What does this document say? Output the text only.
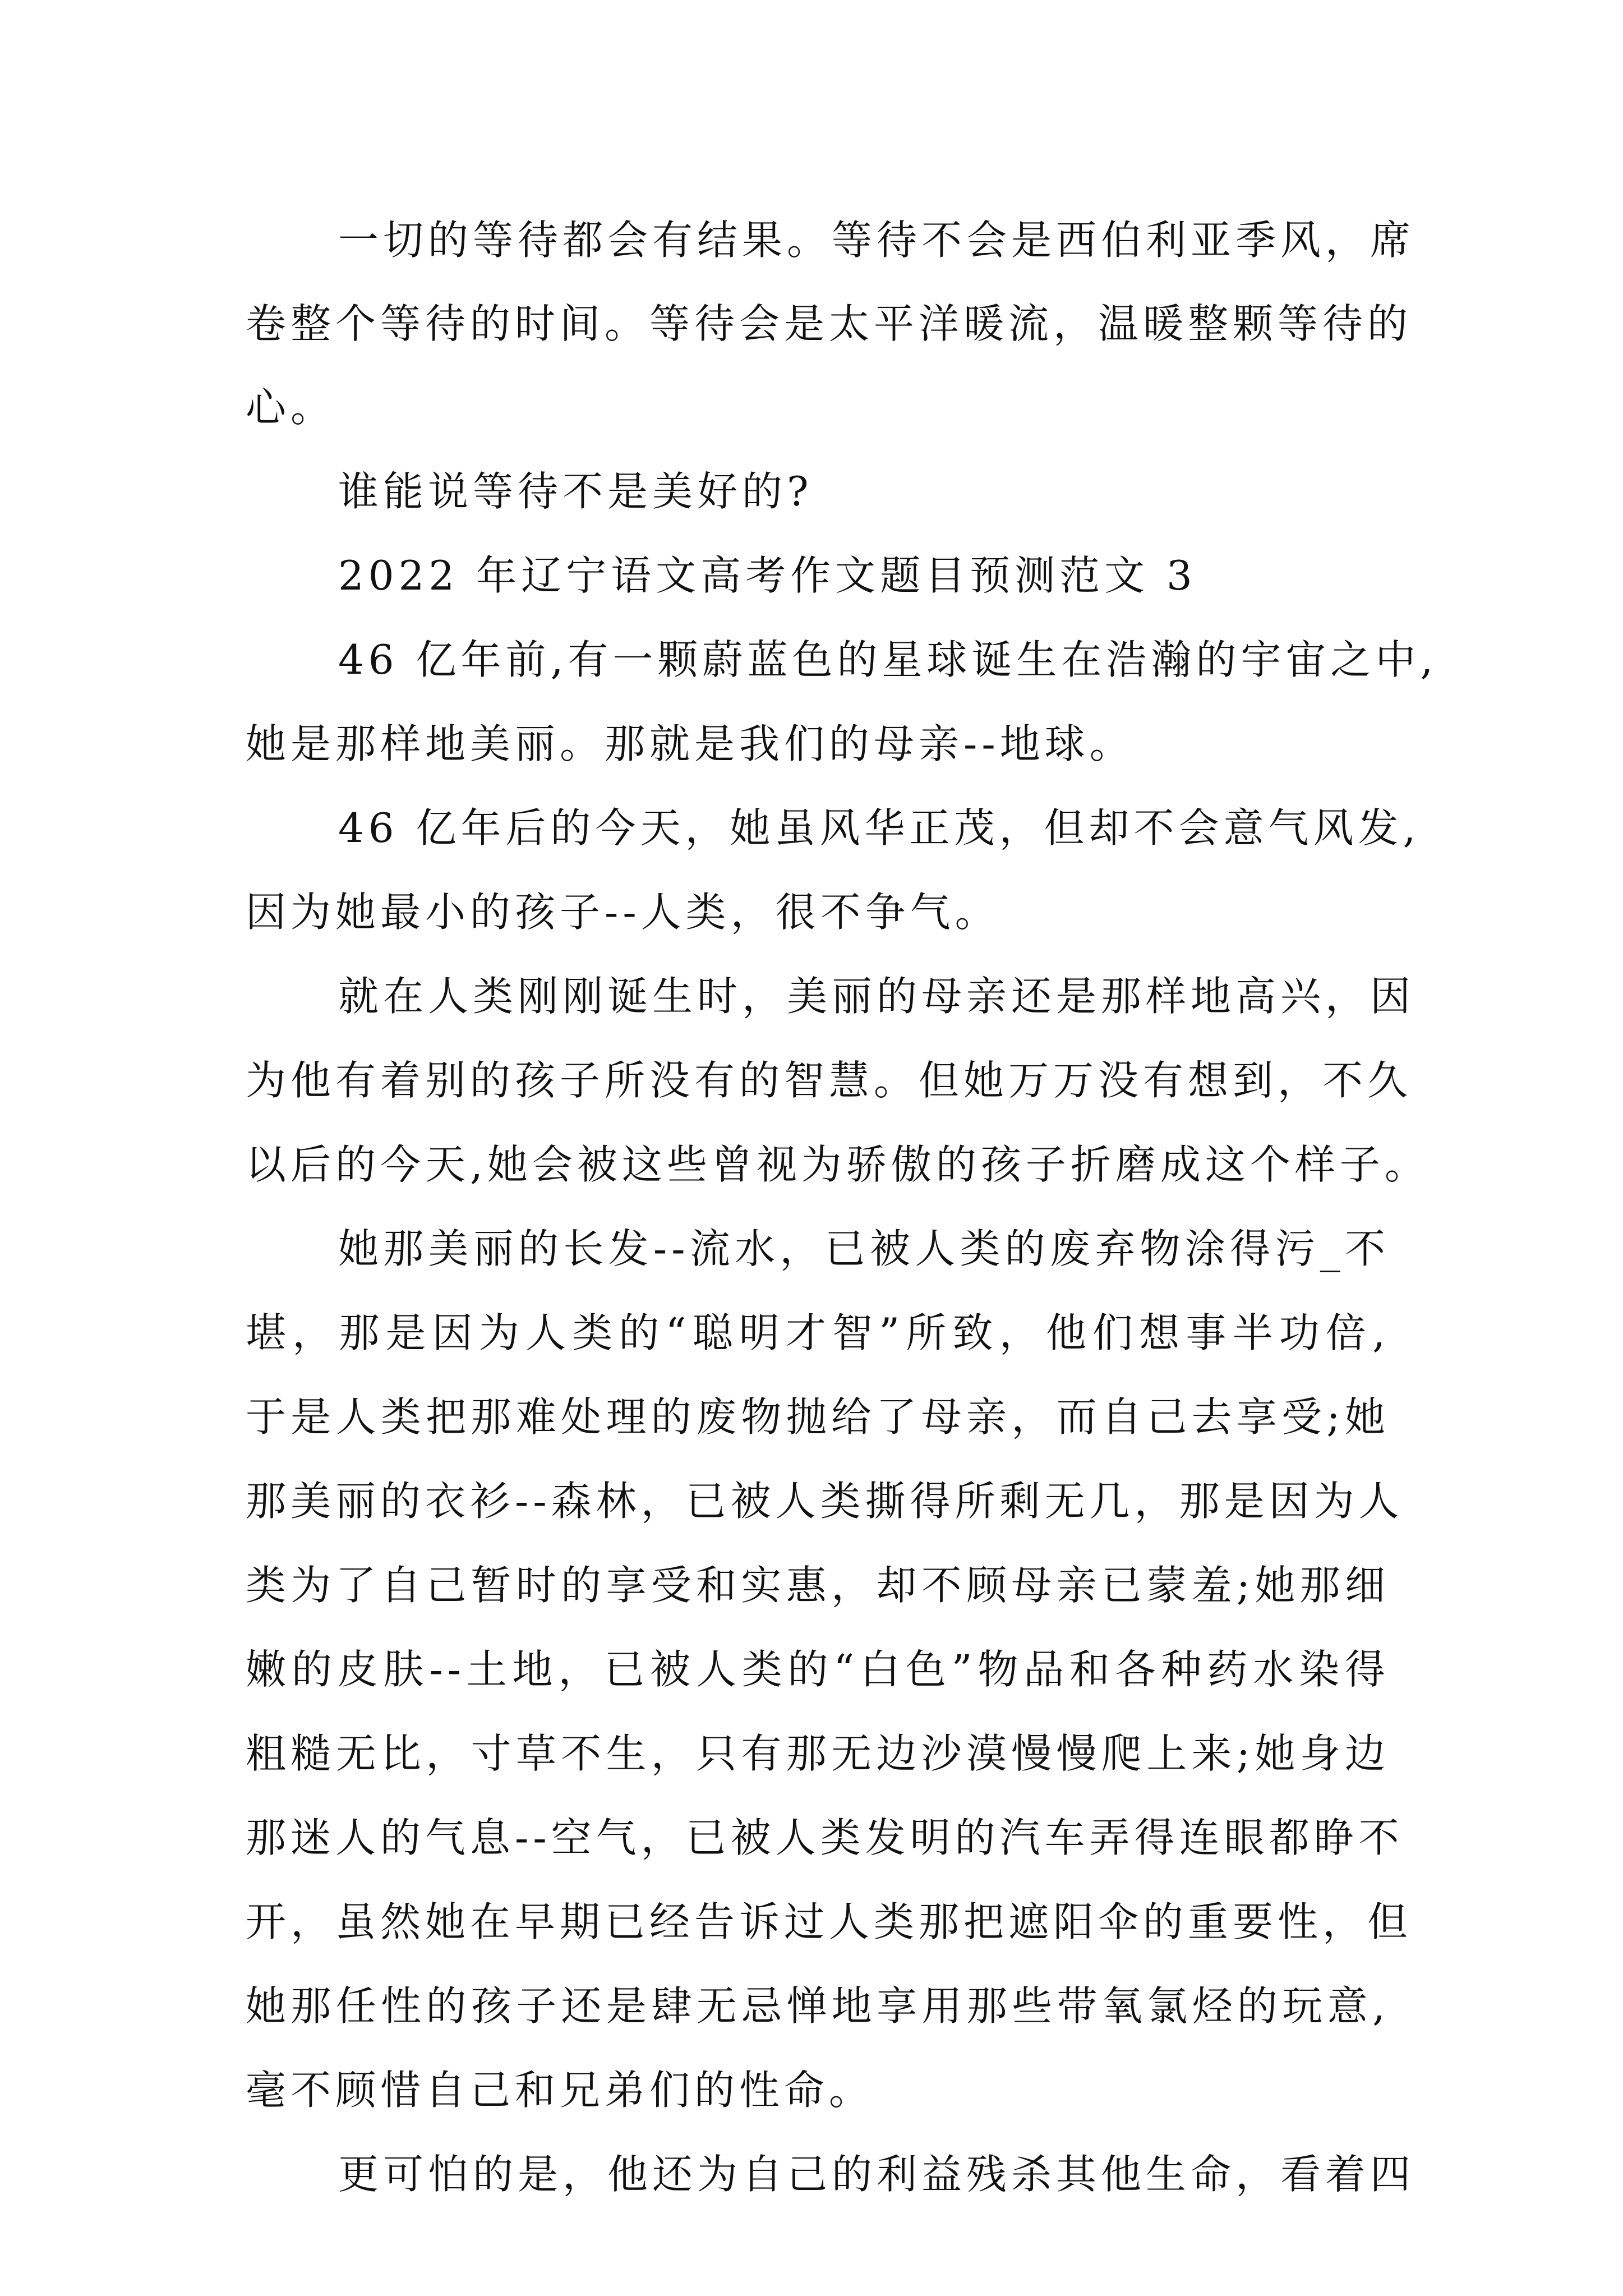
一切的等待都会有结果。等待不会是西伯利亚季风，席
卷整个等待的时间。等待会是太平洋暖流，温暖整颗等待的
心。
谁能说等待不是美好的?
2022 年辽宁语文高考作文题目预测范文 3
46 亿年前,有一颗蔚蓝色的星球诞生在浩瀚的宇宙之中,
她是那样地美丽。那就是我们的母亲--地球。
46 亿年后的今天，她虽风华正茂，但却不会意气风发,
因为她最小的孩子--人类，很不争气。
就在人类刚刚诞生时，美丽的母亲还是那样地高兴，因
为他有着别的孩子所没有的智慧。但她万万没有想到，不久
以后的今天,她会被这些曾视为骄傲的孩子折磨成这个样子。
她那美丽的长发--流水，已被人类的废弃物涂得污_不
堪，那是因为人类的“聪明才智”所致，他们想事半功倍,
于是人类把那难处理的废物抛给了母亲，而自己去享受;她
那美丽的衣衫--森林，已被人类撕得所剩无几，那是因为人
类为了自己暂时的享受和实惠，却不顾母亲已蒙羞;她那细
嫩的皮肤--土地，已被人类的“白色”物品和各种药水染得
粗糙无比，寸草不生，只有那无边沙漠慢慢爬上来;她身边
那迷人的气息--空气，已被人类发明的汽车弄得连眼都睁不
开，虽然她在早期已经告诉过人类那把遮阳伞的重要性，但
她那任性的孩子还是肆无忌惮地享用那些带氧氯烃的玩意,
毫不顾惜自己和兄弟们的性命。
更可怕的是，他还为自己的利益残杀其他生命，看着四
